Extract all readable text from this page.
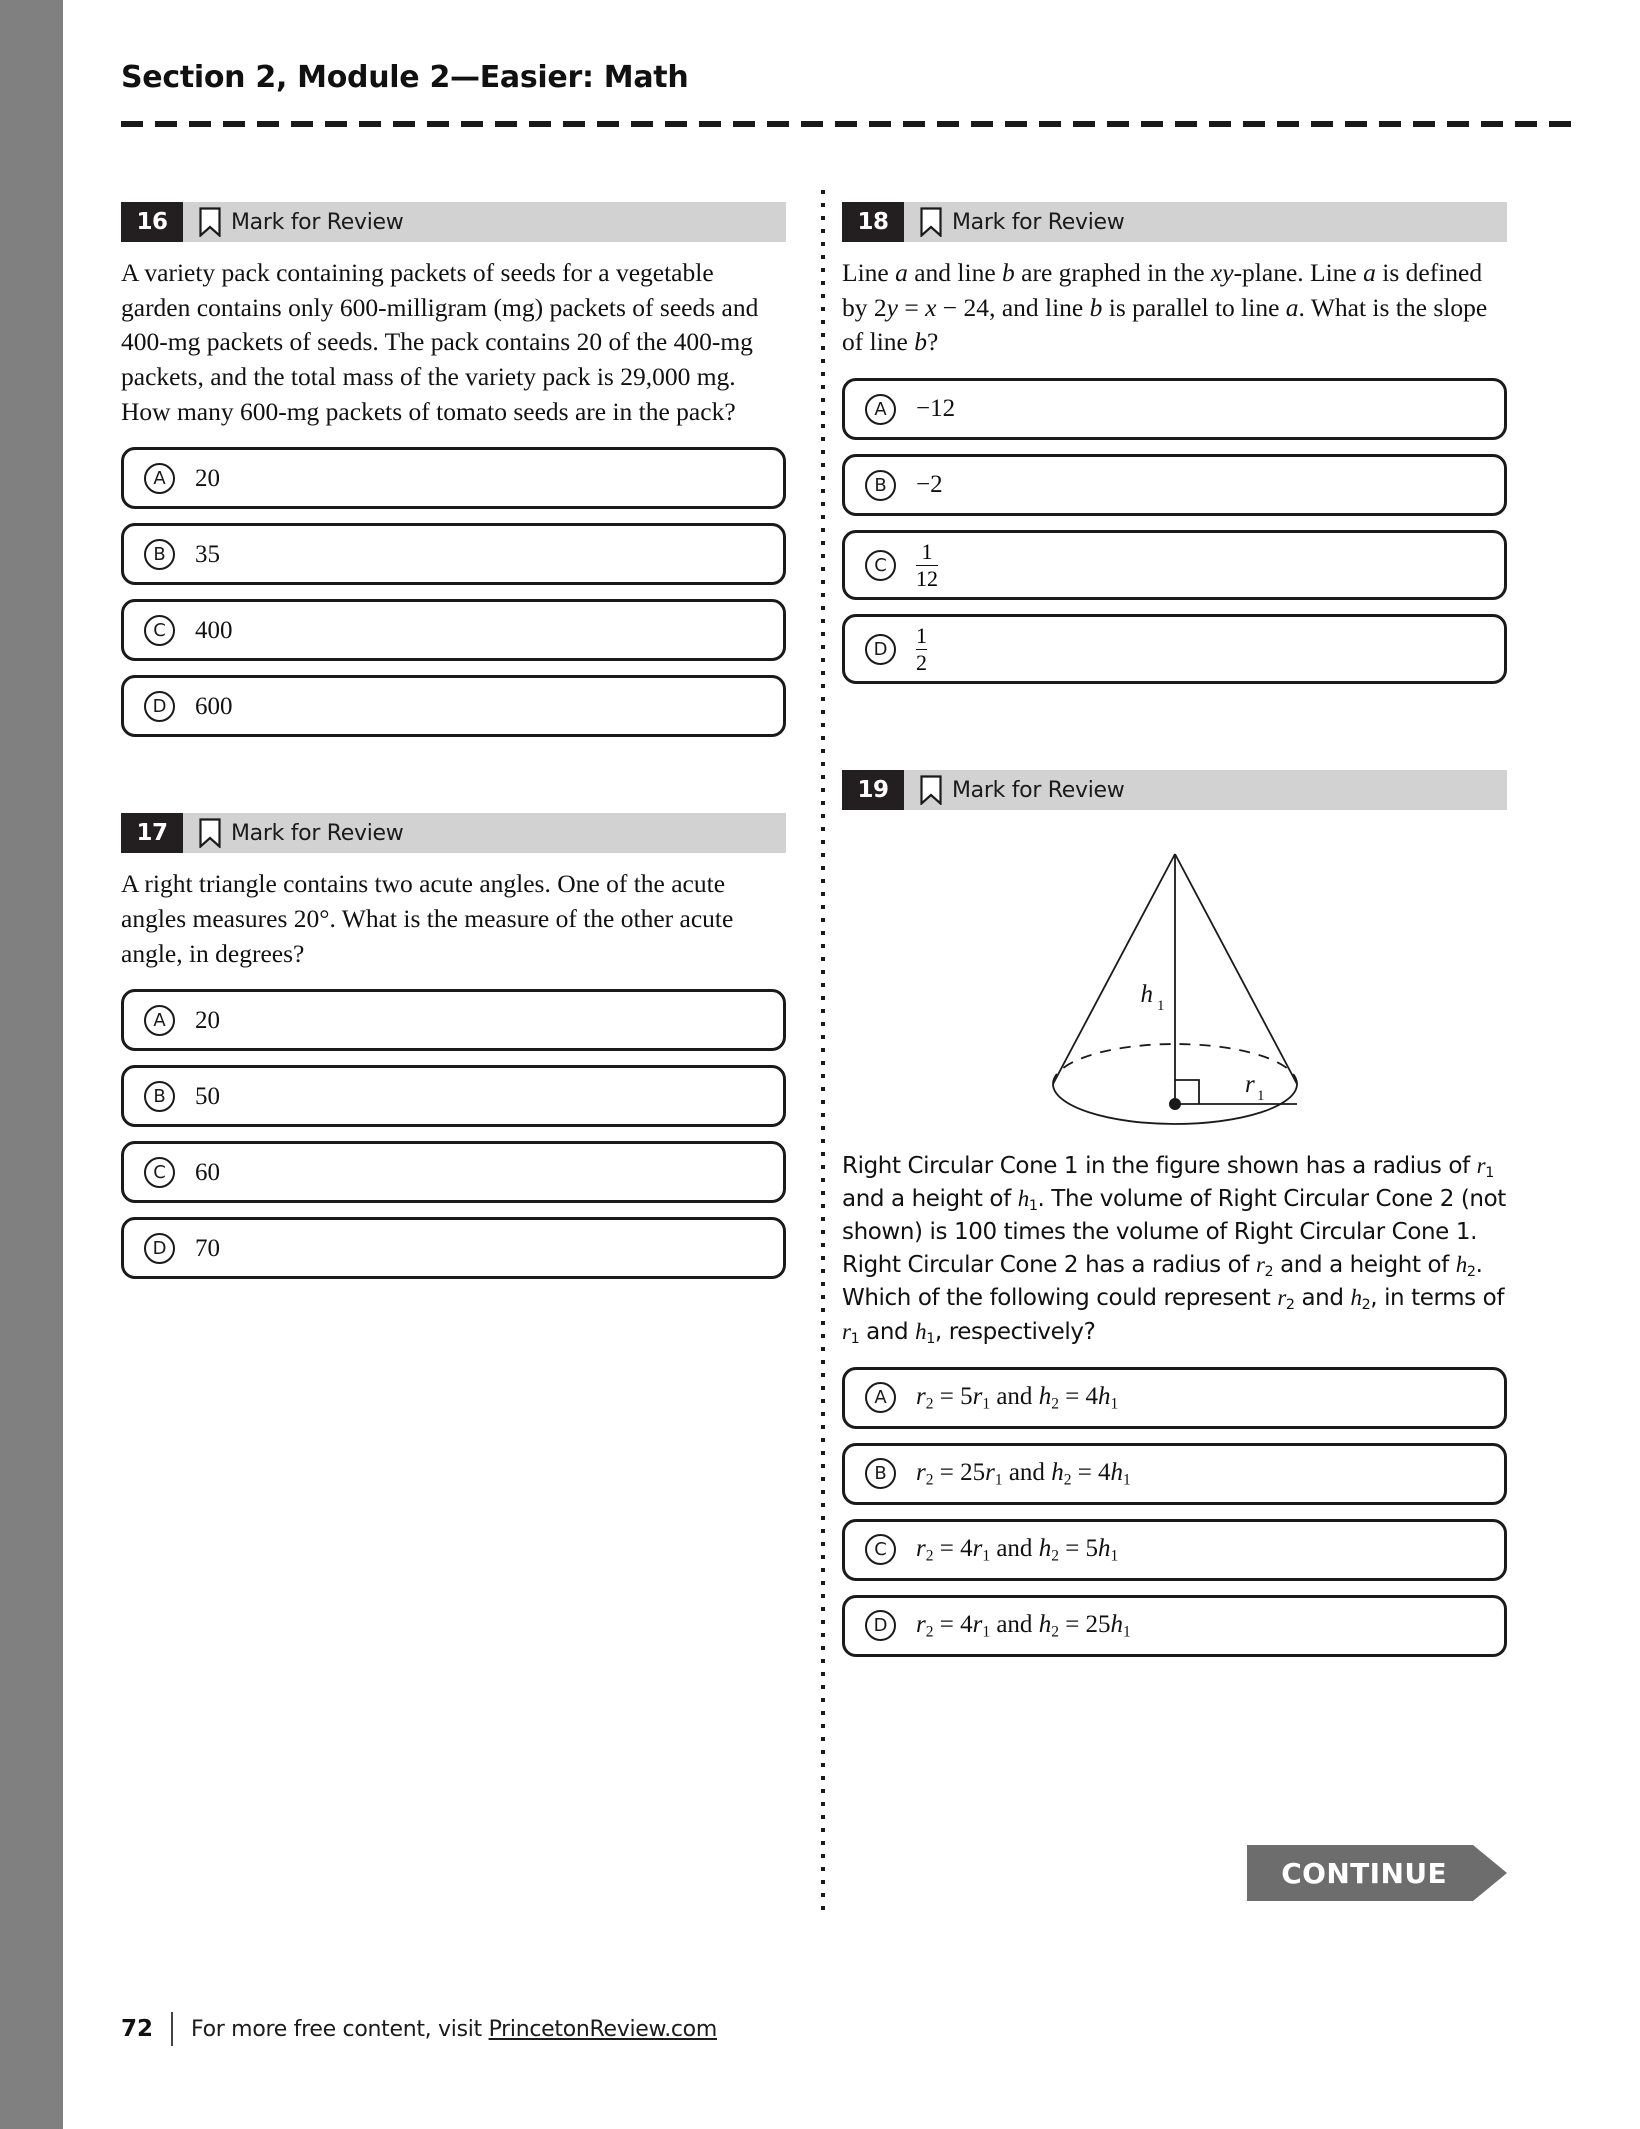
Section 2, Module 2—Easier: Math
16	Mark for Review
A variety pack containing packets of seeds for a vegetable garden contains only 600-milligram (mg) packets of seeds and 400-mg packets of seeds. The pack contains 20 of the 400-mg packets, and the total mass of the variety pack is 29,000 mg. How many 600-mg packets of tomato seeds are in the pack?
A	20
B	35
C	400
D	600
17	Mark for Review
A right triangle contains two acute angles. One of the acute angles measures 20°. What is the measure of the other acute angle, in degrees?
A	20
B	50
C	60
D	70
18	Mark for Review
Line a and line b are graphed in the xy-plane. Line a is defined by 2y = x − 24, and line b is parallel to line a. What is the slope of line b?
A	−12
B	−2
C	$\frac{1}{12}$
D	$\frac{1}{2}$
19	Mark for Review
h 1
r 1
Right Circular Cone 1 in the figure shown has a radius of $r_1$ and a height of $h_1$. The volume of Right Circular Cone 2 (not shown) is 100 times the volume of Right Circular Cone 1. Right Circular Cone 2 has a radius of $r_2$ and a height of $h_2$. Which of the following could represent $r_2$ and $h_2$, in terms of $r_1$ and $h_1$, respectively?
A	$r_2 = 5r_1$ and $h_2 = 4h_1$
B	$r_2 = 25r_1$ and $h_2 = 4h_1$
C	$r_2 = 4r_1$ and $h_2 = 5h_1$
D	$r_2 = 4r_1$ and $h_2 = 25h_1$
CONTINUE
72	For more free content, visit PrincetonReview.com
